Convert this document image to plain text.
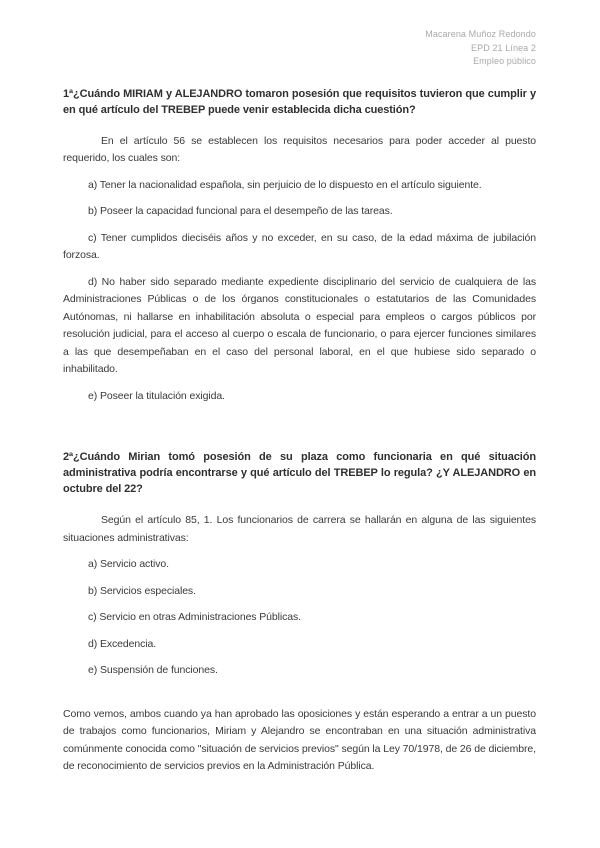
Macarena Muñoz Redondo
EPD 21 Línea 2
Empleo público

1ª¿Cuándo MIRIAM y ALEJANDRO tomaron posesión que requisitos tuvieron que cumplir y en qué artículo del TREBEP puede venir establecida dicha cuestión?

En el artículo 56 se establecen los requisitos necesarios para poder acceder al puesto requerido, los cuales son:

a) Tener la nacionalidad española, sin perjuicio de lo dispuesto en el artículo siguiente.

b) Poseer la capacidad funcional para el desempeño de las tareas.

c) Tener cumplidos dieciséis años y no exceder, en su caso, de la edad máxima de jubilación forzosa.

d) No haber sido separado mediante expediente disciplinario del servicio de cualquiera de las Administraciones Públicas o de los órganos constitucionales o estatutarios de las Comunidades Autónomas, ni hallarse en inhabilitación absoluta o especial para empleos o cargos públicos por resolución judicial, para el acceso al cuerpo o escala de funcionario, o para ejercer funciones similares a las que desempeñaban en el caso del personal laboral, en el que hubiese sido separado o inhabilitado.

e) Poseer la titulación exigida.

2ª¿Cuándo Mirian tomó posesión de su plaza como funcionaria en qué situación administrativa podría encontrarse y qué artículo del TREBEP lo regula? ¿Y ALEJANDRO en octubre del 22?

Según el artículo 85, 1. Los funcionarios de carrera se hallarán en alguna de las siguientes situaciones administrativas:

a) Servicio activo.

b) Servicios especiales.

c) Servicio en otras Administraciones Públicas.

d) Excedencia.

e) Suspensión de funciones.

Como vemos, ambos cuando ya han aprobado las oposiciones y están esperando a entrar a un puesto de trabajos como funcionarios, Miriam y Alejandro se encontraban en una situación administrativa comúnmente conocida como "situación de servicios previos" según la Ley 70/1978, de 26 de diciembre, de reconocimiento de servicios previos en la Administración Pública.
